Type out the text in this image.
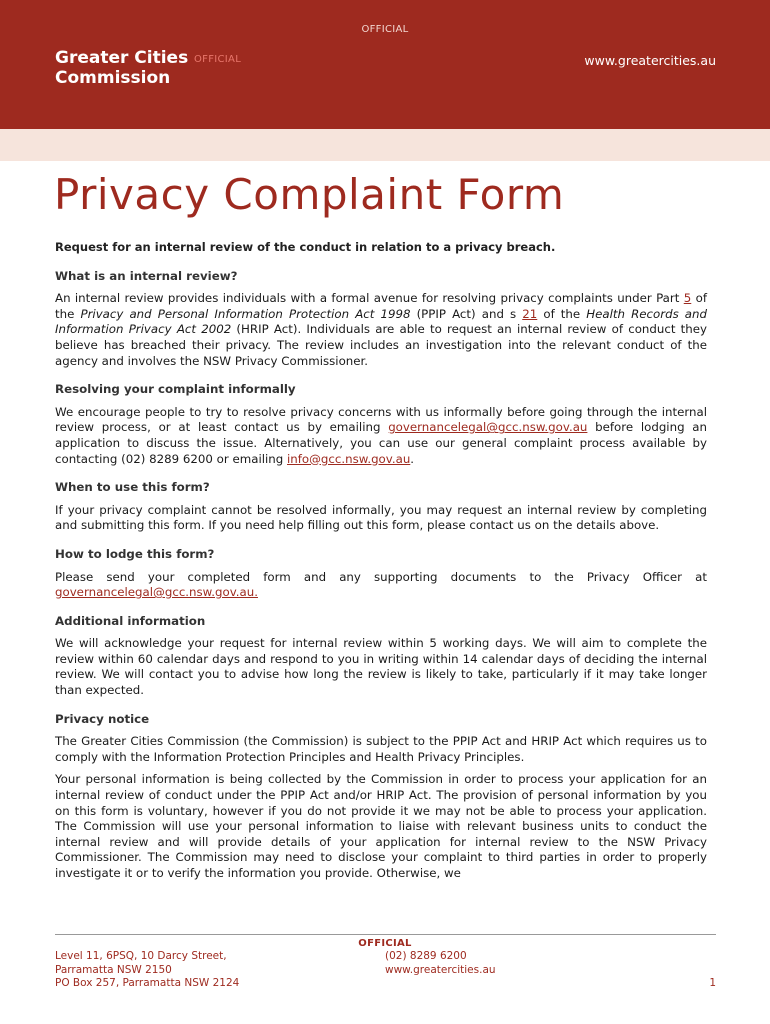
OFFICIAL
Greater Cities
Commission
OFFICIAL	www.greatercities.au
Privacy Complaint Form

Request for an internal review of the conduct in relation to a privacy breach.

What is an internal review?

An internal review provides individuals with a formal avenue for resolving privacy complaints under Part 5 of the Privacy and Personal Information Protection Act 1998 (PPIP Act) and s 21 of the Health Records and Information Privacy Act 2002 (HRIP Act). Individuals are able to request an internal review of conduct they believe has breached their privacy. The review includes an investigation into the relevant conduct of the agency and involves the NSW Privacy Commissioner.

Resolving your complaint informally

We encourage people to try to resolve privacy concerns with us informally before going through the internal review process, or at least contact us by emailing governancelegal@gcc.nsw.gov.au before lodging an application to discuss the issue. Alternatively, you can use our general complaint process available by contacting (02) 8289 6200 or emailing info@gcc.nsw.gov.au.

When to use this form?

If your privacy complaint cannot be resolved informally, you may request an internal review by completing and submitting this form. If you need help filling out this form, please contact us on the details above.

How to lodge this form?

Please send your completed form and any supporting documents to the Privacy Officer at governancelegal@gcc.nsw.gov.au.

Additional information

We will acknowledge your request for internal review within 5 working days. We will aim to complete the review within 60 calendar days and respond to you in writing within 14 calendar days of deciding the internal review. We will contact you to advise how long the review is likely to take, particularly if it may take longer than expected.

Privacy notice

The Greater Cities Commission (the Commission) is subject to the PPIP Act and HRIP Act which requires us to comply with the Information Protection Principles and Health Privacy Principles.

Your personal information is being collected by the Commission in order to process your application for an internal review of conduct under the PPIP Act and/or HRIP Act. The provision of personal information by you on this form is voluntary, however if you do not provide it we may not be able to process your application. The Commission will use your personal information to liaise with relevant business units to conduct the internal review and will provide details of your application for internal review to the NSW Privacy Commissioner. The Commission may need to disclose your complaint to third parties in order to properly investigate it or to verify the information you provide. Otherwise, we

OFFICIAL
Level 11, 6PSQ, 10 Darcy Street,
Parramatta NSW 2150
PO Box 257, Parramatta NSW 2124
(02) 8289 6200
www.greatercities.au
1
